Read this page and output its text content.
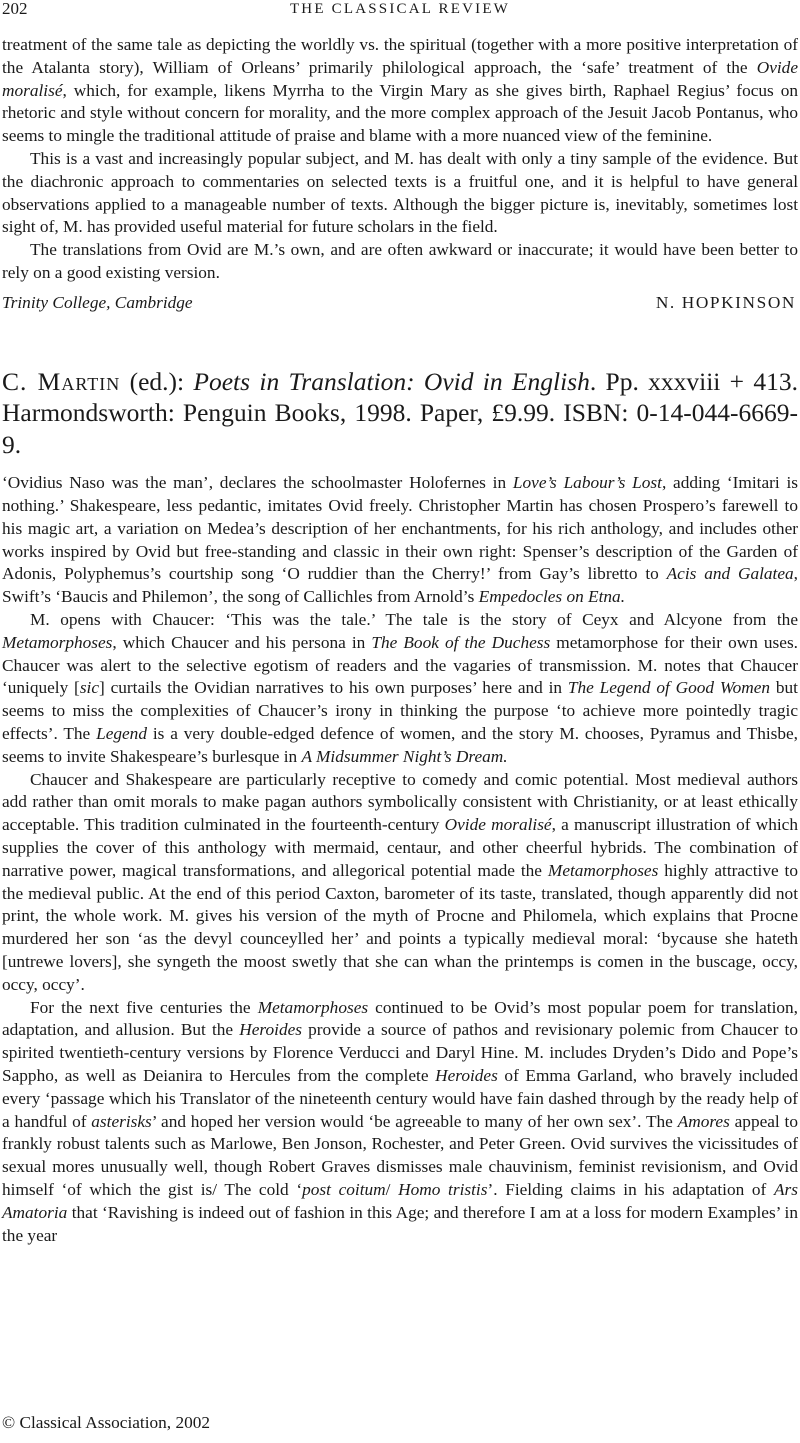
202	THE CLASSICAL REVIEW

treatment of the same tale as depicting the worldly vs. the spiritual (together with a more positive interpretation of the Atalanta story), William of Orleans’ primarily philological approach, the ‘safe’ treatment of the Ovide moralisé, which, for example, likens Myrrha to the Virgin Mary as she gives birth, Raphael Regius’ focus on rhetoric and style without concern for morality, and the more complex approach of the Jesuit Jacob Pontanus, who seems to mingle the traditional attitude of praise and blame with a more nuanced view of the feminine.

This is a vast and increasingly popular subject, and M. has dealt with only a tiny sample of the evidence. But the diachronic approach to commentaries on selected texts is a fruitful one, and it is helpful to have general observations applied to a manageable number of texts. Although the bigger picture is, inevitably, sometimes lost sight of, M. has provided useful material for future scholars in the field.

The translations from Ovid are M.’s own, and are often awkward or inaccurate; it would have been better to rely on a good existing version.

Trinity College, Cambridge	N. HOPKINSON
C. Martin (ed.): Poets in Translation: Ovid in English. Pp. xxxviii + 413. Harmondsworth: Penguin Books, 1998. Paper, £9.99. ISBN: 0-14-044-6669-9.

‘Ovidius Naso was the man’, declares the schoolmaster Holofernes in Love’s Labour’s Lost, adding ‘Imitari is nothing.’ Shakespeare, less pedantic, imitates Ovid freely. Christopher Martin has chosen Prospero’s farewell to his magic art, a variation on Medea’s description of her enchantments, for his rich anthology, and includes other works inspired by Ovid but free-standing and classic in their own right: Spenser’s description of the Garden of Adonis, Polyphemus’s courtship song ‘O ruddier than the Cherry!’ from Gay’s libretto to Acis and Galatea, Swift’s ‘Baucis and Philemon’, the song of Callichles from Arnold’s Empedocles on Etna.

M. opens with Chaucer: ‘This was the tale.’ The tale is the story of Ceyx and Alcyone from the Metamorphoses, which Chaucer and his persona in The Book of the Duchess metamorphose for their own uses. Chaucer was alert to the selective egotism of readers and the vagaries of transmission. M. notes that Chaucer ‘uniquely [sic] curtails the Ovidian narratives to his own purposes’ here and in The Legend of Good Women but seems to miss the complexities of Chaucer’s irony in thinking the purpose ‘to achieve more pointedly tragic effects’. The Legend is a very double-edged defence of women, and the story M. chooses, Pyramus and Thisbe, seems to invite Shakespeare’s burlesque in A Midsummer Night’s Dream.

Chaucer and Shakespeare are particularly receptive to comedy and comic potential. Most medieval authors add rather than omit morals to make pagan authors symbolically consistent with Christianity, or at least ethically acceptable. This tradition culminated in the fourteenth-century Ovide moralisé, a manuscript illustration of which supplies the cover of this anthology with mermaid, centaur, and other cheerful hybrids. The combination of narrative power, magical transformations, and allegorical potential made the Metamorphoses highly attractive to the medieval public. At the end of this period Caxton, barometer of its taste, translated, though apparently did not print, the whole work. M. gives his version of the myth of Procne and Philomela, which explains that Procne murdered her son ‘as the devyl counceylled her’ and points a typically medieval moral: ‘bycause she hateth [untrewe lovers], she syngeth the moost swetly that she can whan the printemps is comen in the buscage, occy, occy, occy’.

For the next five centuries the Metamorphoses continued to be Ovid’s most popular poem for translation, adaptation, and allusion. But the Heroides provide a source of pathos and revisionary polemic from Chaucer to spirited twentieth-century versions by Florence Verducci and Daryl Hine. M. includes Dryden’s Dido and Pope’s Sappho, as well as Deianira to Hercules from the complete Heroides of Emma Garland, who bravely included every ‘passage which his Translator of the nineteenth century would have fain dashed through by the ready help of a handful of asterisks’ and hoped her version would ‘be agreeable to many of her own sex’. The Amores appeal to frankly robust talents such as Marlowe, Ben Jonson, Rochester, and Peter Green. Ovid survives the vicissitudes of sexual mores unusually well, though Robert Graves dismisses male chauvinism, feminist revisionism, and Ovid himself ‘of which the gist is/ The cold ‘post coitum/ Homo tristis’. Fielding claims in his adaptation of Ars Amatoria that ‘Ravishing is indeed out of fashion in this Age; and therefore I am at a loss for modern Examples’ in the year

© Classical Association, 2002
